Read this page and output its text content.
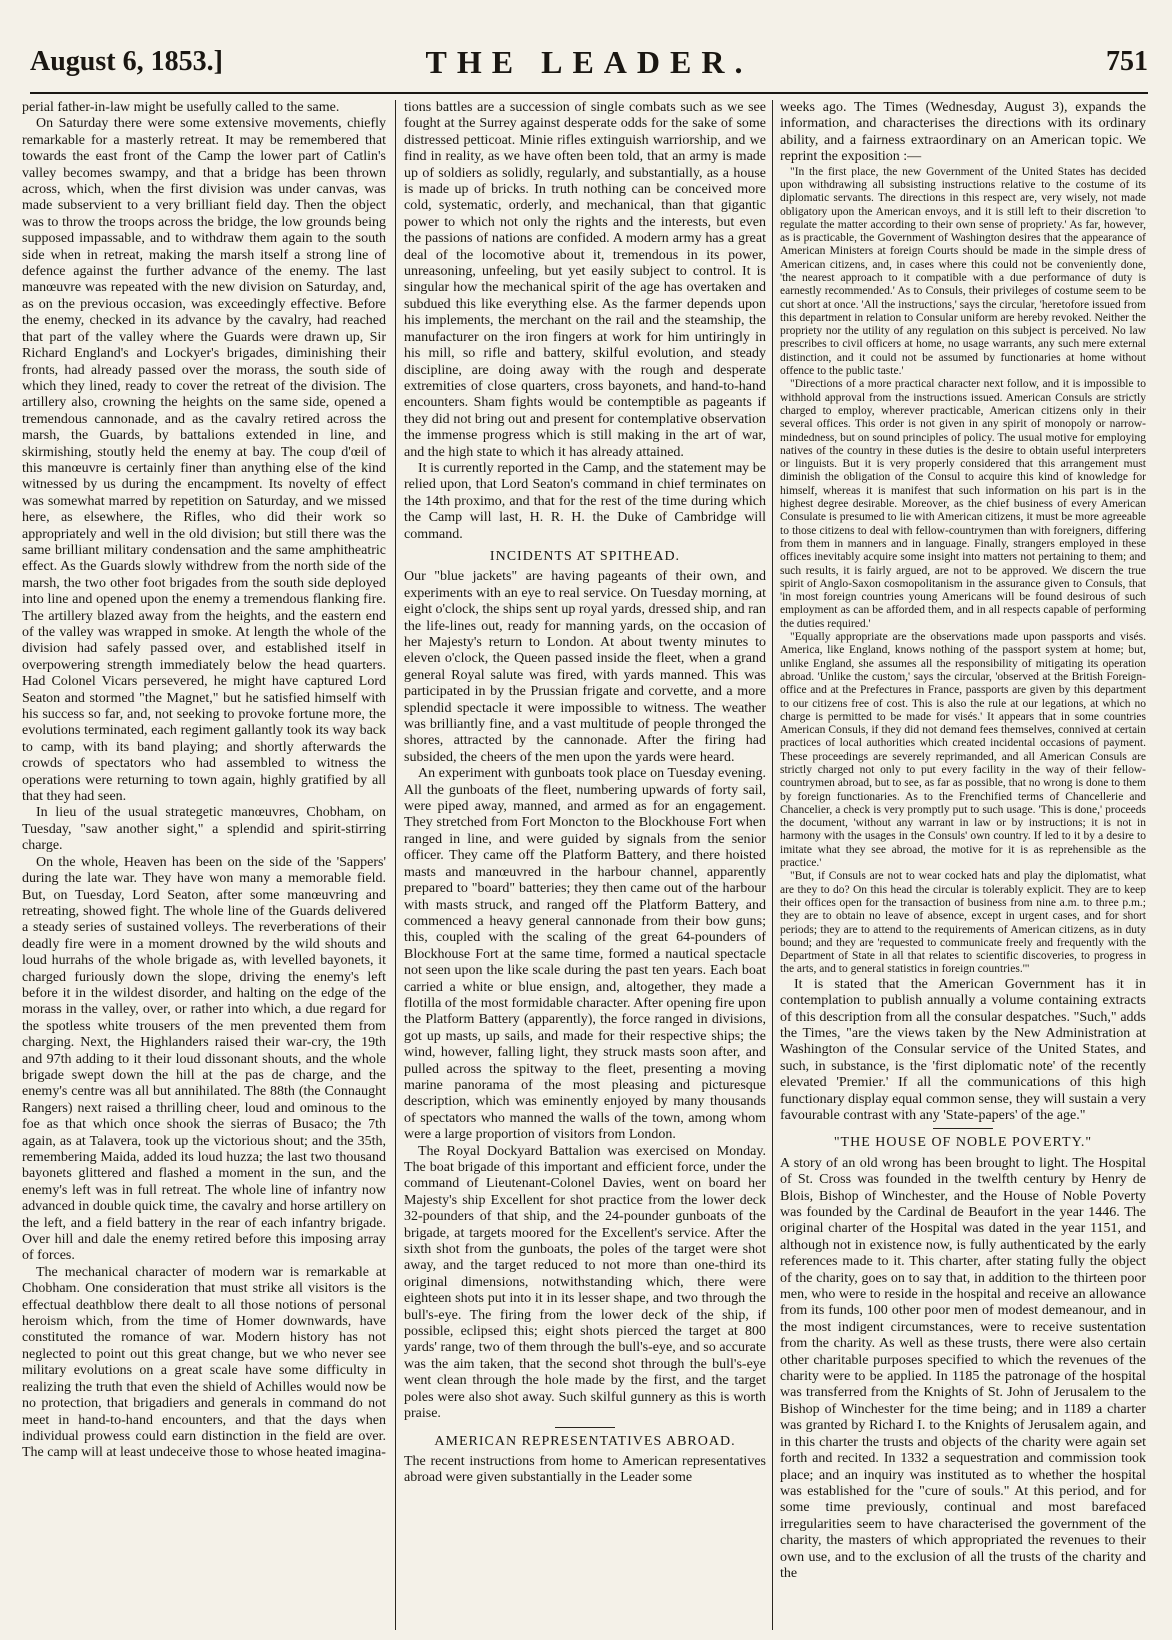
August 6, 1853.]	THE LEADER.	751

perial father-in-law might be usefully called to the same.

On Saturday there were some extensive movements, chiefly remarkable for a masterly retreat. It may be remembered that towards the east front of the Camp the lower part of Catlin's valley becomes swampy, and that a bridge has been thrown across, which, when the first division was under canvas, was made subservient to a very brilliant field day. Then the object was to throw the troops across the bridge, the low grounds being supposed impassable, and to withdraw them again to the south side when in retreat, making the marsh itself a strong line of defence against the further advance of the enemy. The last manœuvre was repeated with the new division on Saturday, and, as on the previous occasion, was exceedingly effective. Before the enemy, checked in its advance by the cavalry, had reached that part of the valley where the Guards were drawn up, Sir Richard England's and Lockyer's brigades, diminishing their fronts, had already passed over the morass, the south side of which they lined, ready to cover the retreat of the division. The artillery also, crowning the heights on the same side, opened a tremendous cannonade, and as the cavalry retired across the marsh, the Guards, by battalions extended in line, and skirmishing, stoutly held the enemy at bay. The coup d'œil of this manœuvre is certainly finer than anything else of the kind witnessed by us during the encampment. Its novelty of effect was somewhat marred by repetition on Saturday, and we missed here, as elsewhere, the Rifles, who did their work so appropriately and well in the old division; but still there was the same brilliant military condensation and the same amphitheatric effect. As the Guards slowly withdrew from the north side of the marsh, the two other foot brigades from the south side deployed into line and opened upon the enemy a tremendous flanking fire. The artillery blazed away from the heights, and the eastern end of the valley was wrapped in smoke. At length the whole of the division had safely passed over, and established itself in overpowering strength immediately below the head quarters. Had Colonel Vicars persevered, he might have captured Lord Seaton and stormed "the Magnet," but he satisfied himself with his success so far, and, not seeking to provoke fortune more, the evolutions terminated, each regiment gallantly took its way back to camp, with its band playing; and shortly afterwards the crowds of spectators who had assembled to witness the operations were returning to town again, highly gratified by all that they had seen.

In lieu of the usual strategetic manœuvres, Chobham, on Tuesday, "saw another sight," a splendid and spirit-stirring charge.

On the whole, Heaven has been on the side of the 'Sappers' during the late war. They have won many a memorable field. But, on Tuesday, Lord Seaton, after some manœuvring and retreating, showed fight. The whole line of the Guards delivered a steady series of sustained volleys. The reverberations of their deadly fire were in a moment drowned by the wild shouts and loud hurrahs of the whole brigade as, with levelled bayonets, it charged furiously down the slope, driving the enemy's left before it in the wildest disorder, and halting on the edge of the morass in the valley, over, or rather into which, a due regard for the spotless white trousers of the men prevented them from charging. Next, the Highlanders raised their war-cry, the 19th and 97th adding to it their loud dissonant shouts, and the whole brigade swept down the hill at the pas de charge, and the enemy's centre was all but annihilated. The 88th (the Connaught Rangers) next raised a thrilling cheer, loud and ominous to the foe as that which once shook the sierras of Busaco; the 7th again, as at Talavera, took up the victorious shout; and the 35th, remembering Maida, added its loud huzza; the last two thousand bayonets glittered and flashed a moment in the sun, and the enemy's left was in full retreat. The whole line of infantry now advanced in double quick time, the cavalry and horse artillery on the left, and a field battery in the rear of each infantry brigade. Over hill and dale the enemy retired before this imposing array of forces.

The mechanical character of modern war is remarkable at Chobham. One consideration that must strike all visitors is the effectual deathblow there dealt to all those notions of personal heroism which, from the time of Homer downwards, have constituted the romance of war. Modern history has not neglected to point out this great change, but we who never see military evolutions on a great scale have some difficulty in realizing the truth that even the shield of Achilles would now be no protection, that brigadiers and generals in command do not meet in hand-to-hand encounters, and that the days when individual prowess could earn distinction in the field are over. The camp will at least undeceive those to whose heated imagina-

tions battles are a succession of single combats such as we see fought at the Surrey against desperate odds for the sake of some distressed petticoat. Minie rifles extinguish warriorship, and we find in reality, as we have often been told, that an army is made up of soldiers as solidly, regularly, and substantially, as a house is made up of bricks. In truth nothing can be conceived more cold, systematic, orderly, and mechanical, than that gigantic power to which not only the rights and the interests, but even the passions of nations are confided. A modern army has a great deal of the locomotive about it, tremendous in its power, unreasoning, unfeeling, but yet easily subject to control. It is singular how the mechanical spirit of the age has overtaken and subdued this like everything else. As the farmer depends upon his implements, the merchant on the rail and the steamship, the manufacturer on the iron fingers at work for him untiringly in his mill, so rifle and battery, skilful evolution, and steady discipline, are doing away with the rough and desperate extremities of close quarters, cross bayonets, and hand-to-hand encounters. Sham fights would be contemptible as pageants if they did not bring out and present for contemplative observation the immense progress which is still making in the art of war, and the high state to which it has already attained.

It is currently reported in the Camp, and the statement may be relied upon, that Lord Seaton's command in chief terminates on the 14th proximo, and that for the rest of the time during which the Camp will last, H. R. H. the Duke of Cambridge will command.

INCIDENTS AT SPITHEAD.

Our "blue jackets" are having pageants of their own, and experiments with an eye to real service. On Tuesday morning, at eight o'clock, the ships sent up royal yards, dressed ship, and ran the life-lines out, ready for manning yards, on the occasion of her Majesty's return to London. At about twenty minutes to eleven o'clock, the Queen passed inside the fleet, when a grand general Royal salute was fired, with yards manned. This was participated in by the Prussian frigate and corvette, and a more splendid spectacle it were impossible to witness. The weather was brilliantly fine, and a vast multitude of people thronged the shores, attracted by the cannonade. After the firing had subsided, the cheers of the men upon the yards were heard.

An experiment with gunboats took place on Tuesday evening. All the gunboats of the fleet, numbering upwards of forty sail, were piped away, manned, and armed as for an engagement. They stretched from Fort Moncton to the Blockhouse Fort when ranged in line, and were guided by signals from the senior officer. They came off the Platform Battery, and there hoisted masts and manœuvred in the harbour channel, apparently prepared to "board" batteries; they then came out of the harbour with masts struck, and ranged off the Platform Battery, and commenced a heavy general cannonade from their bow guns; this, coupled with the scaling of the great 64-pounders of Blockhouse Fort at the same time, formed a nautical spectacle not seen upon the like scale during the past ten years. Each boat carried a white or blue ensign, and, altogether, they made a flotilla of the most formidable character. After opening fire upon the Platform Battery (apparently), the force ranged in divisions, got up masts, up sails, and made for their respective ships; the wind, however, falling light, they struck masts soon after, and pulled across the spitway to the fleet, presenting a moving marine panorama of the most pleasing and picturesque description, which was eminently enjoyed by many thousands of spectators who manned the walls of the town, among whom were a large proportion of visitors from London.

The Royal Dockyard Battalion was exercised on Monday. The boat brigade of this important and efficient force, under the command of Lieutenant-Colonel Davies, went on board her Majesty's ship Excellent for shot practice from the lower deck 32-pounders of that ship, and the 24-pounder gunboats of the brigade, at targets moored for the Excellent's service. After the sixth shot from the gunboats, the poles of the target were shot away, and the target reduced to not more than one-third its original dimensions, notwithstanding which, there were eighteen shots put into it in its lesser shape, and two through the bull's-eye. The firing from the lower deck of the ship, if possible, eclipsed this; eight shots pierced the target at 800 yards' range, two of them through the bull's-eye, and so accurate was the aim taken, that the second shot through the bull's-eye went clean through the hole made by the first, and the target poles were also shot away. Such skilful gunnery as this is worth praise.

AMERICAN REPRESENTATIVES ABROAD.

The recent instructions from home to American representatives abroad were given substantially in the Leader some

weeks ago. The Times (Wednesday, August 3), expands the information, and characterises the directions with its ordinary ability, and a fairness extraordinary on an American topic. We reprint the exposition :—

"In the first place, the new Government of the United States has decided upon withdrawing all subsisting instructions relative to the costume of its diplomatic servants. The directions in this respect are, very wisely, not made obligatory upon the American envoys, and it is still left to their discretion 'to regulate the matter according to their own sense of propriety.' As far, however, as is practicable, the Government of Washington desires that the appearance of American Ministers at foreign Courts should be made in the simple dress of American citizens, and, in cases where this could not be conveniently done, 'the nearest approach to it compatible with a due performance of duty is earnestly recommended.' As to Consuls, their privileges of costume seem to be cut short at once. 'All the instructions,' says the circular, 'heretofore issued from this department in relation to Consular uniform are hereby revoked. Neither the propriety nor the utility of any regulation on this subject is perceived. No law prescribes to civil officers at home, no usage warrants, any such mere external distinction, and it could not be assumed by functionaries at home without offence to the public taste.'

"Directions of a more practical character next follow, and it is impossible to withhold approval from the instructions issued. American Consuls are strictly charged to employ, wherever practicable, American citizens only in their several offices. This order is not given in any spirit of monopoly or narrow-mindedness, but on sound principles of policy. The usual motive for employing natives of the country in these duties is the desire to obtain useful interpreters or linguists. But it is very properly considered that this arrangement must diminish the obligation of the Consul to acquire this kind of knowledge for himself, whereas it is manifest that such information on his part is in the highest degree desirable. Moreover, as the chief business of every American Consulate is presumed to lie with American citizens, it must be more agreeable to those citizens to deal with fellow-countrymen than with foreigners, differing from them in manners and in language. Finally, strangers employed in these offices inevitably acquire some insight into matters not pertaining to them; and such results, it is fairly argued, are not to be approved. We discern the true spirit of Anglo-Saxon cosmopolitanism in the assurance given to Consuls, that 'in most foreign countries young Americans will be found desirous of such employment as can be afforded them, and in all respects capable of performing the duties required.'

"Equally appropriate are the observations made upon passports and visés. America, like England, knows nothing of the passport system at home; but, unlike England, she assumes all the responsibility of mitigating its operation abroad. 'Unlike the custom,' says the circular, 'observed at the British Foreign-office and at the Prefectures in France, passports are given by this department to our citizens free of cost. This is also the rule at our legations, at which no charge is permitted to be made for visés.' It appears that in some countries American Consuls, if they did not demand fees themselves, connived at certain practices of local authorities which created incidental occasions of payment. These proceedings are severely reprimanded, and all American Consuls are strictly charged not only to put every facility in the way of their fellow-countrymen abroad, but to see, as far as possible, that no wrong is done to them by foreign functionaries. As to the Frenchified terms of Chancellerie and Chancelier, a check is very promptly put to such usage. 'This is done,' proceeds the document, 'without any warrant in law or by instructions; it is not in harmony with the usages in the Consuls' own country. If led to it by a desire to imitate what they see abroad, the motive for it is as reprehensible as the practice.'

"But, if Consuls are not to wear cocked hats and play the diplomatist, what are they to do? On this head the circular is tolerably explicit. They are to keep their offices open for the transaction of business from nine a.m. to three p.m.; they are to obtain no leave of absence, except in urgent cases, and for short periods; they are to attend to the requirements of American citizens, as in duty bound; and they are 'requested to communicate freely and frequently with the Department of State in all that relates to scientific discoveries, to progress in the arts, and to general statistics in foreign countries.'"

It is stated that the American Government has it in contemplation to publish annually a volume containing extracts of this description from all the consular despatches. "Such," adds the Times, "are the views taken by the New Administration at Washington of the Consular service of the United States, and such, in substance, is the 'first diplomatic note' of the recently elevated 'Premier.' If all the communications of this high functionary display equal common sense, they will sustain a very favourable contrast with any 'State-papers' of the age."

"THE HOUSE OF NOBLE POVERTY."

A story of an old wrong has been brought to light. The Hospital of St. Cross was founded in the twelfth century by Henry de Blois, Bishop of Winchester, and the House of Noble Poverty was founded by the Cardinal de Beaufort in the year 1446. The original charter of the Hospital was dated in the year 1151, and although not in existence now, is fully authenticated by the early references made to it. This charter, after stating fully the object of the charity, goes on to say that, in addition to the thirteen poor men, who were to reside in the hospital and receive an allowance from its funds, 100 other poor men of modest demeanour, and in the most indigent circumstances, were to receive sustentation from the charity. As well as these trusts, there were also certain other charitable purposes specified to which the revenues of the charity were to be applied. In 1185 the patronage of the hospital was transferred from the Knights of St. John of Jerusalem to the Bishop of Winchester for the time being; and in 1189 a charter was granted by Richard I. to the Knights of Jerusalem again, and in this charter the trusts and objects of the charity were again set forth and recited. In 1332 a sequestration and commission took place; and an inquiry was instituted as to whether the hospital was established for the "cure of souls." At this period, and for some time previously, continual and most barefaced irregularities seem to have characterised the government of the charity, the masters of which appropriated the revenues to their own use, and to the exclusion of all the trusts of the charity and the
